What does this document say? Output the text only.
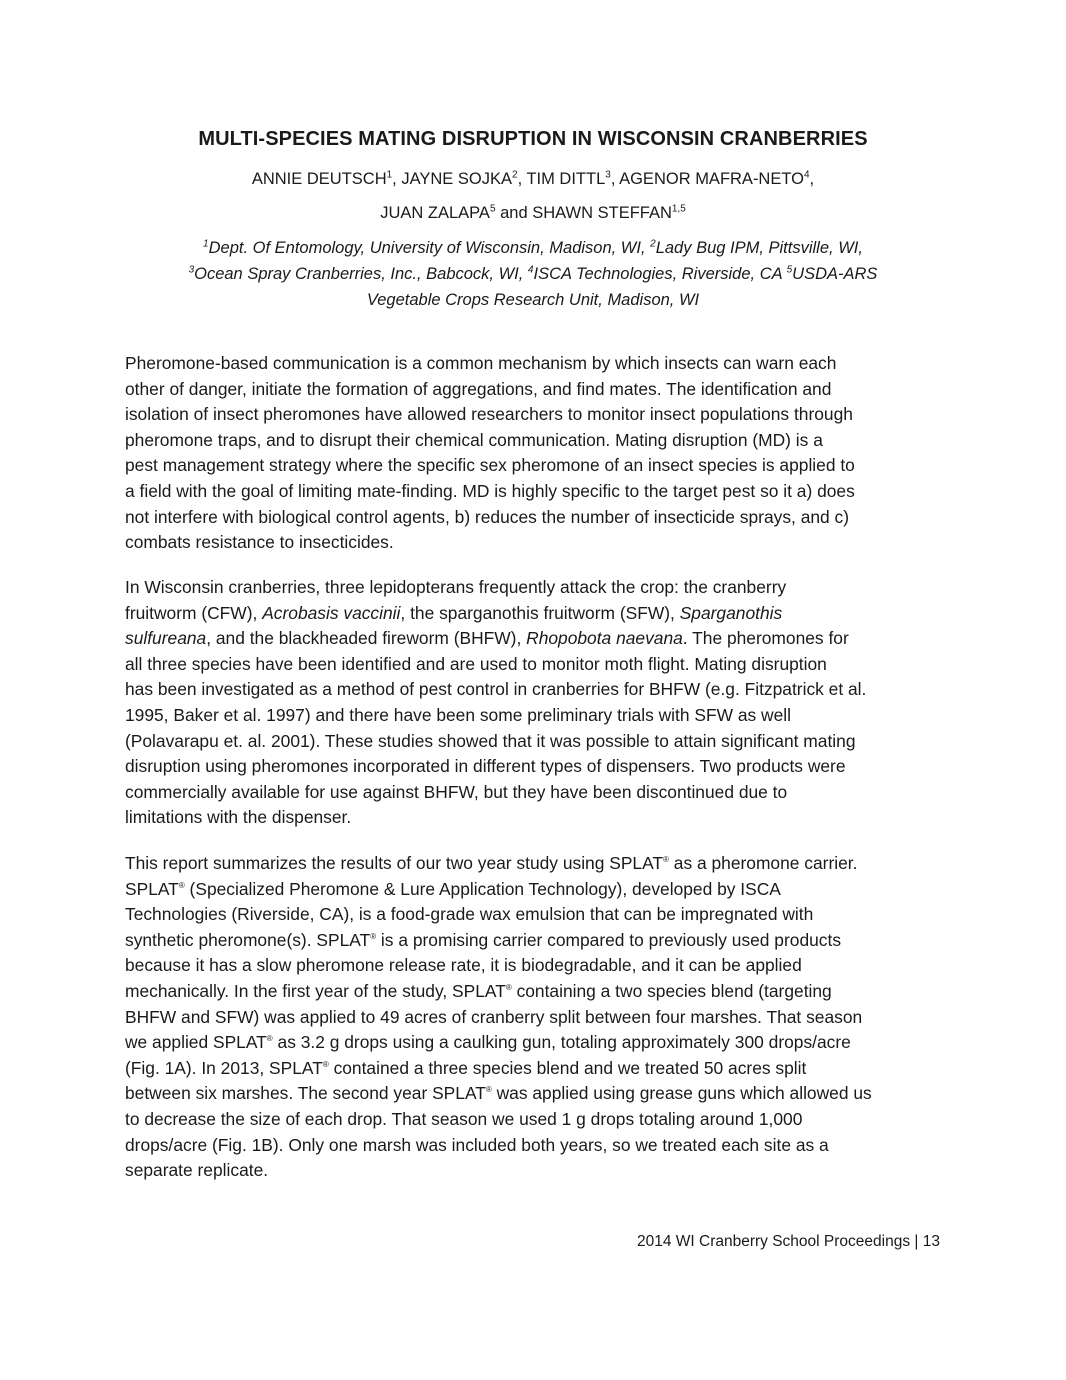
MULTI-SPECIES MATING DISRUPTION IN WISCONSIN CRANBERRIES
ANNIE DEUTSCH$^1$, JAYNE SOJKA$^2$, TIM DITTL$^3$, AGENOR MAFRA-NETO$^4$,
JUAN ZALAPA$^5$ and SHAWN STEFFAN$^{1,5}$
$^1$Dept. Of Entomology, University of Wisconsin, Madison, WI, $^2$Lady Bug IPM, Pittsville, WI,
$^3$Ocean Spray Cranberries, Inc., Babcock, WI, $^4$ISCA Technologies, Riverside, CA $^5$USDA-ARS
Vegetable Crops Research Unit, Madison, WI
Pheromone-based communication is a common mechanism by which insects can warn each
other of danger, initiate the formation of aggregations, and find mates. The identification and
isolation of insect pheromones have allowed researchers to monitor insect populations through
pheromone traps, and to disrupt their chemical communication. Mating disruption (MD) is a
pest management strategy where the specific sex pheromone of an insect species is applied to
a field with the goal of limiting mate-finding. MD is highly specific to the target pest so it a) does
not interfere with biological control agents, b) reduces the number of insecticide sprays, and c)
combats resistance to insecticides.
In Wisconsin cranberries, three lepidopterans frequently attack the crop: the cranberry
fruitworm (CFW), Acrobasis vaccinii, the sparganothis fruitworm (SFW), Sparganothis
sulfureana, and the blackheaded fireworm (BHFW), Rhopobota naevana. The pheromones for
all three species have been identified and are used to monitor moth flight. Mating disruption
has been investigated as a method of pest control in cranberries for BHFW (e.g. Fitzpatrick et al.
1995, Baker et al. 1997) and there have been some preliminary trials with SFW as well
(Polavarapu et. al. 2001). These studies showed that it was possible to attain significant mating
disruption using pheromones incorporated in different types of dispensers. Two products were
commercially available for use against BHFW, but they have been discontinued due to
limitations with the dispenser.
This report summarizes the results of our two year study using SPLAT® as a pheromone carrier.
SPLAT® (Specialized Pheromone & Lure Application Technology), developed by ISCA
Technologies (Riverside, CA), is a food-grade wax emulsion that can be impregnated with
synthetic pheromone(s). SPLAT® is a promising carrier compared to previously used products
because it has a slow pheromone release rate, it is biodegradable, and it can be applied
mechanically. In the first year of the study, SPLAT® containing a two species blend (targeting
BHFW and SFW) was applied to 49 acres of cranberry split between four marshes. That season
we applied SPLAT® as 3.2 g drops using a caulking gun, totaling approximately 300 drops/acre
(Fig. 1A). In 2013, SPLAT® contained a three species blend and we treated 50 acres split
between six marshes. The second year SPLAT® was applied using grease guns which allowed us
to decrease the size of each drop. That season we used 1 g drops totaling around 1,000
drops/acre (Fig. 1B). Only one marsh was included both years, so we treated each site as a
separate replicate.
2014 WI Cranberry School Proceedings | 13
